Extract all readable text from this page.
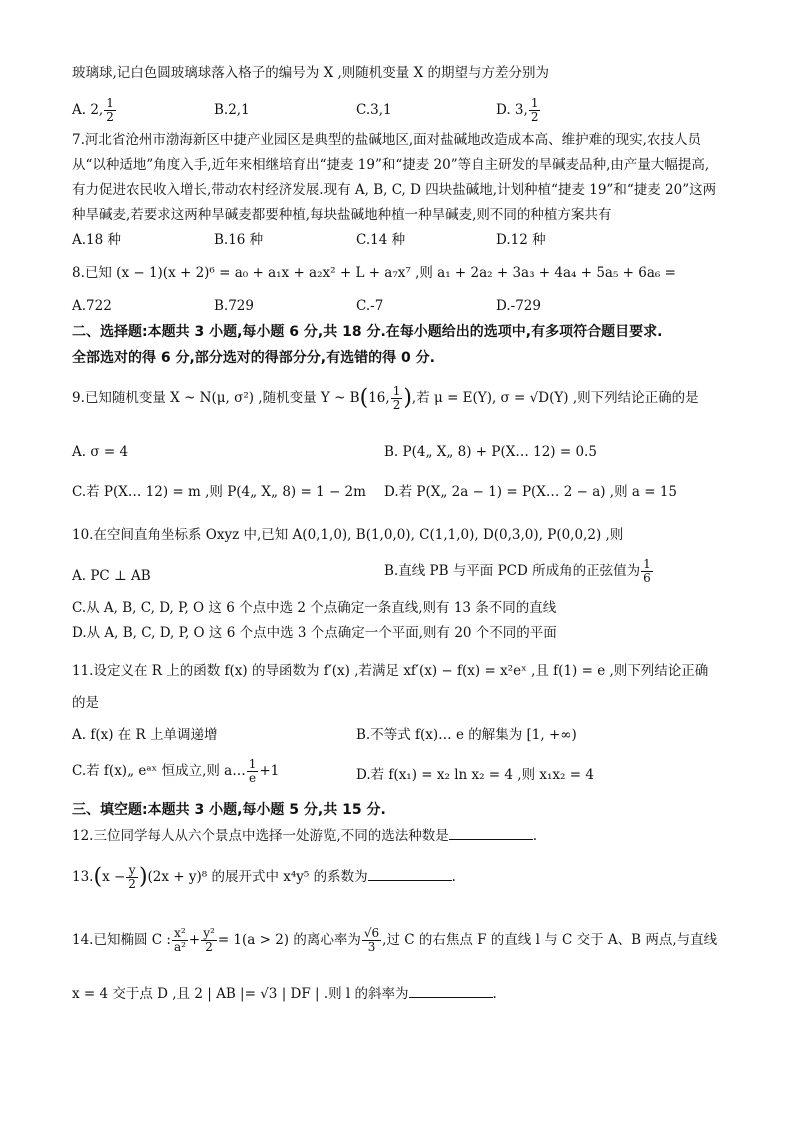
玻璃球,记白色圆玻璃球落入格子的编号为 X ,则随机变量 X 的期望与方差分别为
A. 2, $\frac{1}{2}$	B.2,1	C.3,1	D. 3, $\frac{1}{2}$
7.河北省沧州市渤海新区中捷产业园区是典型的盐碱地区,面对盐碱地改造成本高、维护难的现实,农技人员
从“以种适地”角度入手,近年来相继培育出“捷麦 19”和“捷麦 20”等自主研发的旱碱麦品种,由产量大幅提高,
有力促进农民收入增长,带动农村经济发展.现有 A, B, C, D 四块盐碱地,计划种植“捷麦 19”和“捷麦 20”这两
种旱碱麦,若要求这两种旱碱麦都要种植,每块盐碱地种植一种旱碱麦,则不同的种植方案共有
A.18 种	B.16 种	C.14 种	D.12 种
8.已知 (x − 1)(x + 2)⁶ = a₀ + a₁x + a₂x² + L + a₇x⁷ ,则 a₁ + 2a₂ + 3a₃ + 4a₄ + 5a₅ + 6a₆ =
A.722	B.729	C.-7	D.-729
二、选择题:本题共 3 小题,每小题 6 分,共 18 分.在每小题给出的选项中,有多项符合题目要求.
全部选对的得 6 分,部分选对的得部分分,有选错的得 0 分.
9.已知随机变量 X ~ N(μ, σ²) ,随机变量 Y ~ B(16, $\frac{1}{2}$ ),若 μ = E(Y), σ = √D(Y) ,则下列结论正确的是
A. σ = 4	B. P(4„ X„ 8) + P(X… 12) = 0.5
C.若 P(X… 12) = m ,则 P(4„ X„ 8) = 1 − 2m D.若 P(X„ 2a − 1) = P(X… 2 − a) ,则 a = 15
10.在空间直角坐标系 Oxyz 中,已知 A(0,1,0), B(1,0,0), C(1,1,0), D(0,3,0), P(0,0,2) ,则
A. PC ⊥ AB	B.直线 PB 与平面 PCD 所成角的正弦值为 $\frac{1}{6}$
C.从 A, B, C, D, P, O 这 6 个点中选 2 个点确定一条直线,则有 13 条不同的直线
D.从 A, B, C, D, P, O 这 6 个点中选 3 个点确定一个平面,则有 20 个不同的平面
11.设定义在 R 上的函数 f(x) 的导函数为 f′(x) ,若满足 xf′(x) − f(x) = x²eˣ ,且 f(1) = e ,则下列结论正确
的是
A. f(x) 在 R 上单调递增	B.不等式 f(x)… e 的解集为 [1, +∞)
C.若 f(x)„ eᵃˣ 恒成立,则 a… $\frac{1}{e} +1$	D.若 f(x₁) = x₂ ln x₂ = 4 ,则 x₁x₂ = 4
三、填空题:本题共 3 小题,每小题 5 分,共 15 分.
12.三位同学每人从六个景点中选择一处游览,不同的选法种数是	.
$13.(x - \frac{y}{2} )(2x + y)^8$ 的展开式中 x⁴y⁵ 的系数为	.
14.已知椭圆 C : $\frac{\text{x²}}{\text{a²}} + \frac{\text{y²}}{2} = 1(a > 2)$ 的离心率为 $\frac{√6}{3}$ ,过 C 的右焦点 F 的直线 l 与 C 交于 A、B 两点,与直线
x = 4 交于点 D ,且 2 | AB |= √3 | DF | .则 l 的斜率为	.
